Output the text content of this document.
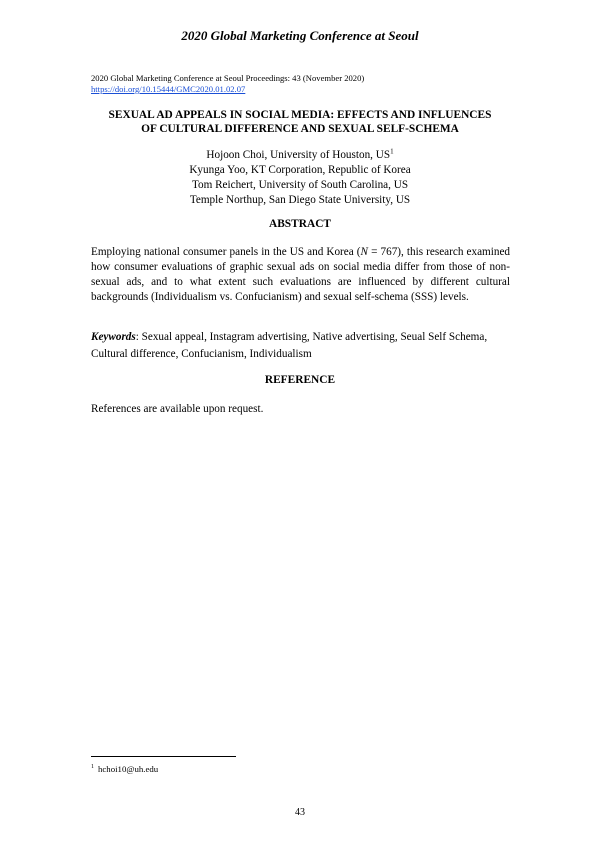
2020 Global Marketing Conference at Seoul
2020 Global Marketing Conference at Seoul Proceedings: 43 (November 2020)
https://doi.org/10.15444/GMC2020.01.02.07
SEXUAL AD APPEALS IN SOCIAL MEDIA: EFFECTS AND INFLUENCES
OF CULTURAL DIFFERENCE AND SEXUAL SELF-SCHEMA
Hojoon Choi, University of Houston, $US^1$
Kyunga Yoo, KT Corporation, Republic of Korea
Tom Reichert, University of South Carolina, US
Temple Northup, San Diego State University, US
ABSTRACT
Employing national consumer panels in the US and Korea (N = 767), this research examined how consumer evaluations of graphic sexual ads on social media differ from those of non-sexual ads, and to what extent such evaluations are influenced by different cultural backgrounds (Individualism vs. Confucianism) and sexual self-schema (SSS) levels.
Keywords: Sexual appeal, Instagram advertising, Native advertising, Seual Self Schema, Cultural difference, Confucianism, Individualism
REFERENCE
References are available upon request.
$^1$ hchoi10@uh.edu
43
